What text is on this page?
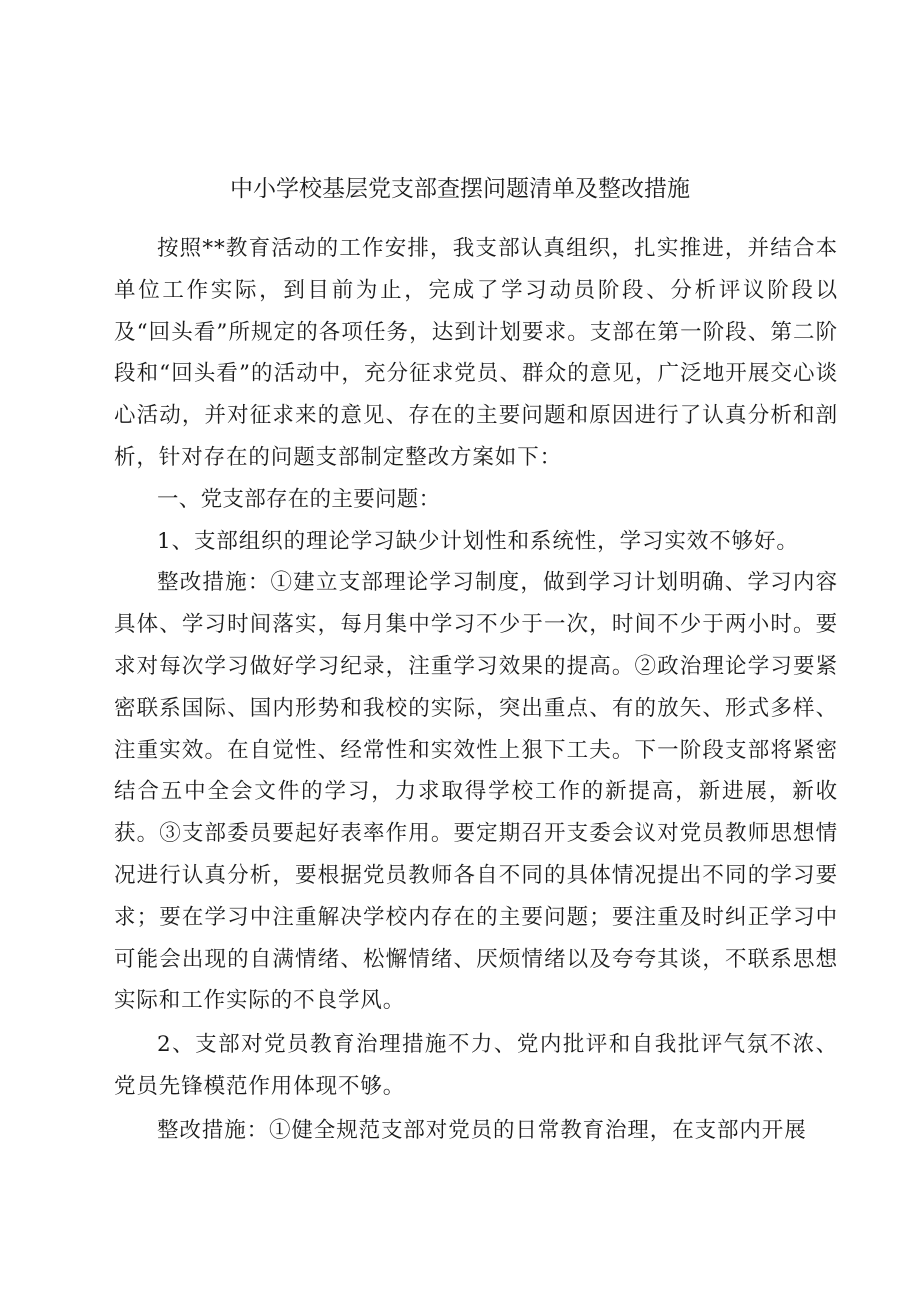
中小学校基层党支部查摆问题清单及整改措施

按照**教育活动的工作安排，我支部认真组织，扎实推进，并结合本单位工作实际，到目前为止，完成了学习动员阶段、分析评议阶段以及“回头看”所规定的各项任务，达到计划要求。支部在第一阶段、第二阶段和“回头看”的活动中，充分征求党员、群众的意见，广泛地开展交心谈心活动，并对征求来的意见、存在的主要问题和原因进行了认真分析和剖析，针对存在的问题支部制定整改方案如下：

一、党支部存在的主要问题：

1、支部组织的理论学习缺少计划性和系统性，学习实效不够好。

整改措施：①建立支部理论学习制度，做到学习计划明确、学习内容具体、学习时间落实，每月集中学习不少于一次，时间不少于两小时。要求对每次学习做好学习纪录，注重学习效果的提高。②政治理论学习要紧密联系国际、国内形势和我校的实际，突出重点、有的放矢、形式多样、注重实效。在自觉性、经常性和实效性上狠下工夫。下一阶段支部将紧密结合五中全会文件的学习，力求取得学校工作的新提高，新进展，新收获。③支部委员要起好表率作用。要定期召开支委会议对党员教师思想情况进行认真分析，要根据党员教师各自不同的具体情况提出不同的学习要求；要在学习中注重解决学校内存在的主要问题；要注重及时纠正学习中可能会出现的自满情绪、松懈情绪、厌烦情绪以及夸夸其谈，不联系思想实际和工作实际的不良学风。

2、支部对党员教育治理措施不力、党内批评和自我批评气氛不浓、党员先锋模范作用体现不够。

整改措施：①健全规范支部对党员的日常教育治理，在支部内开展
